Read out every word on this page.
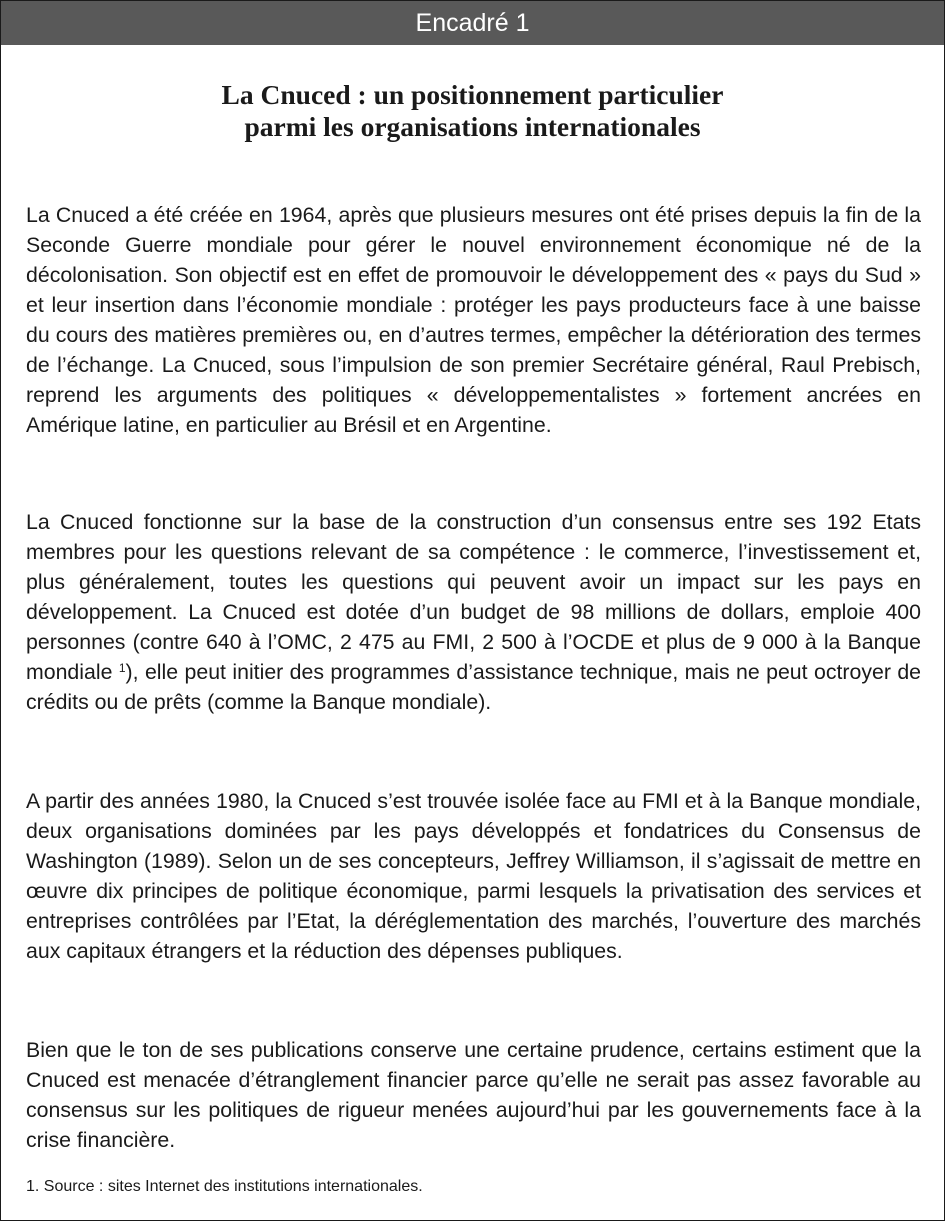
Encadré 1
La Cnuced : un positionnement particulier
parmi les organisations internationales

La Cnuced a été créée en 1964, après que plusieurs mesures ont été prises depuis la fin de la Seconde Guerre mondiale pour gérer le nouvel environnement économique né de la décolonisation. Son objectif est en effet de promouvoir le développement des « pays du Sud » et leur insertion dans l’économie mondiale : protéger les pays producteurs face à une baisse du cours des matières premières ou, en d’autres termes, empêcher la détérioration des termes de l’échange. La Cnuced, sous l’impulsion de son premier Secrétaire général, Raul Prebisch, reprend les arguments des politiques « développementalistes » fortement ancrées en Amérique latine, en particulier au Brésil et en Argentine.

La Cnuced fonctionne sur la base de la construction d’un consensus entre ses 192 Etats membres pour les questions relevant de sa compétence : le commerce, l’investissement et, plus généralement, toutes les questions qui peuvent avoir un impact sur les pays en développement. La Cnuced est dotée d’un budget de 98 millions de dollars, emploie 400 personnes (contre 640 à l’OMC, 2 475 au FMI, 2 500 à l’OCDE et plus de 9 000 à la Banque mondiale $^1$), elle peut initier des programmes d’assistance technique, mais ne peut octroyer de crédits ou de prêts (comme la Banque mondiale).

A partir des années 1980, la Cnuced s’est trouvée isolée face au FMI et à la Banque mondiale, deux organisations dominées par les pays développés et fondatrices du Consensus de Washington (1989). Selon un de ses concepteurs, Jeffrey Williamson, il s’agissait de mettre en œuvre dix principes de politique économique, parmi lesquels la privatisation des services et entreprises contrôlées par l’Etat, la déréglementation des marchés, l’ouverture des marchés aux capitaux étrangers et la réduction des dépenses publiques.

Bien que le ton de ses publications conserve une certaine prudence, certains estiment que la Cnuced est menacée d’étranglement financier parce qu’elle ne serait pas assez favorable au consensus sur les politiques de rigueur menées aujourd’hui par les gouvernements face à la crise financière.

1. Source : sites Internet des institutions internationales.
